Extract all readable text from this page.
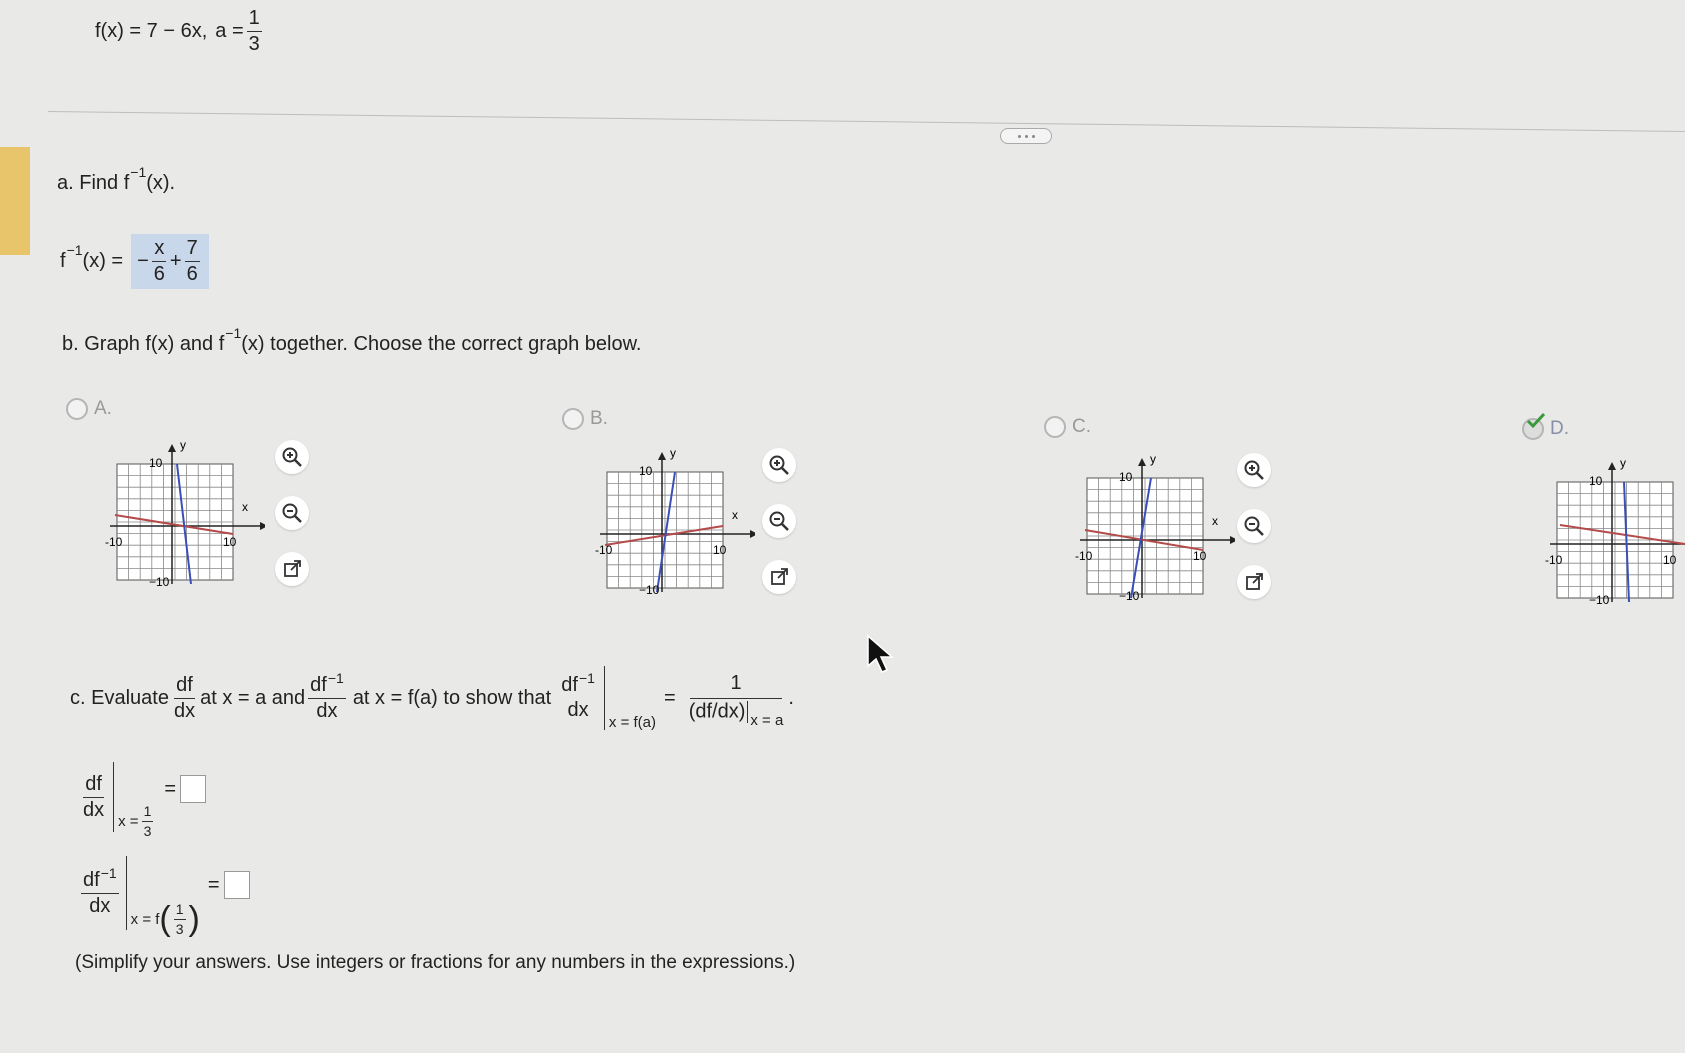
f(x) = 7 − 6x, $a = \frac{1}{3}$
a. Find $f^{-1}(x)$.
f
−1
(x) = − $\frac{x}{6} + \frac{7}{6}$
b. Graph f(x) and $f^{-1}(x)$ together. Choose the correct graph below.
A.
y
x
10
−10
-10	10
B.
y
x
10
−10
-10	10
C.
y
x
10
−10
-10	10
D.
y
10
−10
-10	10
c. Evaluate $\frac{df}{dx}$ at x = a and $\frac{df^{-1}}{dx}$ at x = f(a) to show that
$df^{-1}$
dx
x = f(a)
= $\frac{1}{(df/dx) _{x = a}}$ .
$\frac{df}{dx}$
$x = \frac{1}{3}$
=
$\frac{df^{-1}}{dx}$
x = f ( $\frac{1}{3}$ )
=
(Simplify your answers. Use integers or fractions for any numbers in the expressions.)
